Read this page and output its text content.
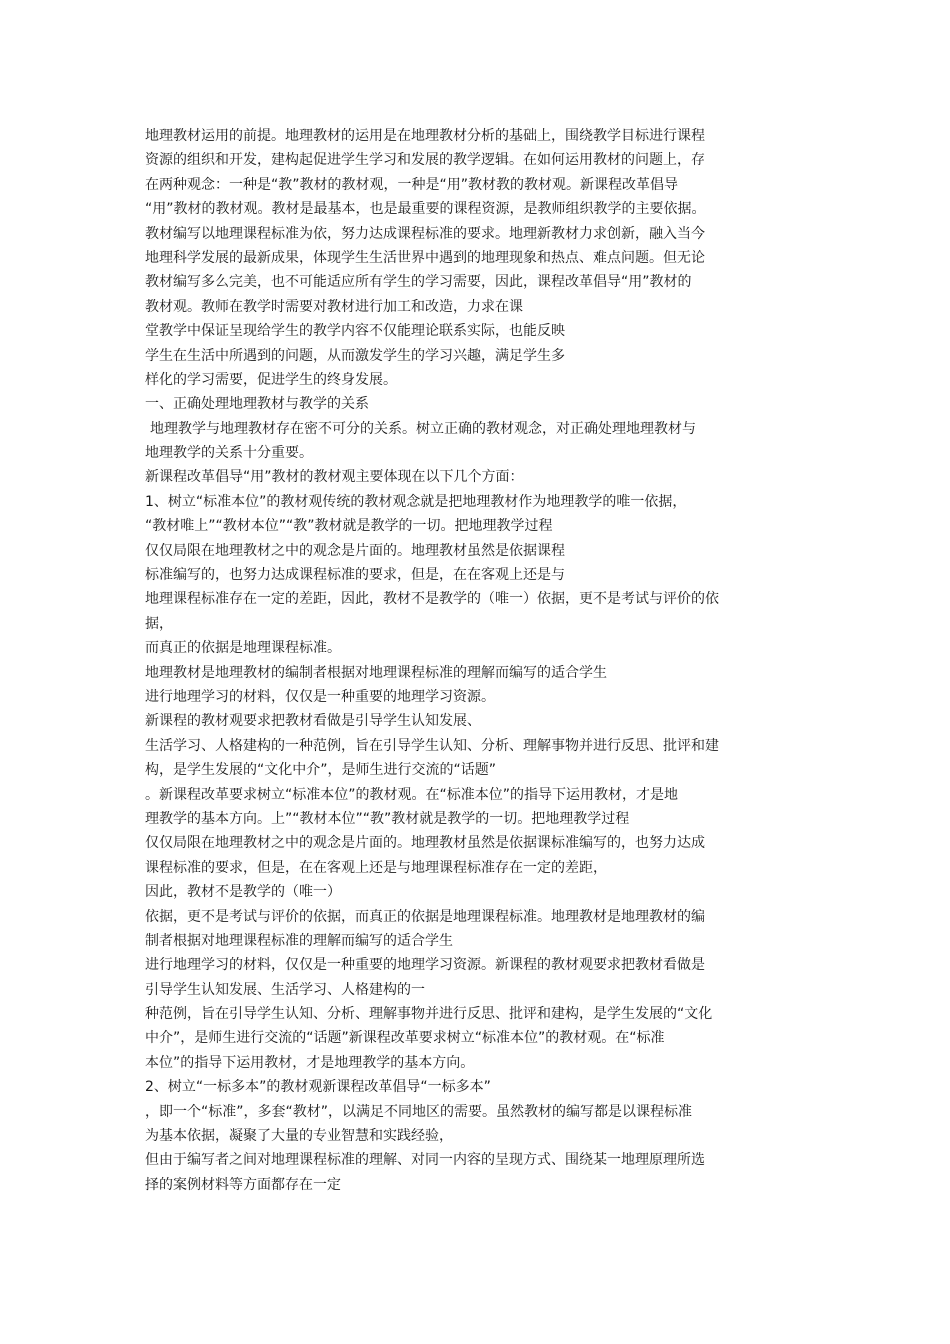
地理教材运用的前提。地理教材的运用是在地理教材分析的基础上，围绕教学目标进行课程
资源的组织和开发，建构起促进学生学习和发展的教学逻辑。在如何运用教材的问题上，存
在两种观念：一种是“教”教材的教材观，一种是“用”教材教的教材观。新课程改革倡导
“用”教材的教材观。教材是最基本，也是最重要的课程资源，是教师组织教学的主要依据。
教材编写以地理课程标准为依，努力达成课程标准的要求。地理新教材力求创新，融入当今
地理科学发展的最新成果，体现学生生活世界中遇到的地理现象和热点、难点问题。但无论
教材编写多么完美，也不可能适应所有学生的学习需要，因此，课程改革倡导“用”教材的
教材观。教师在教学时需要对教材进行加工和改造，力求在课
堂教学中保证呈现给学生的教学内容不仅能理论联系实际，也能反映
学生在生活中所遇到的问题，从而激发学生的学习兴趣，满足学生多
样化的学习需要，促进学生的终身发展。
一、正确处理地理教材与教学的关系
地理教学与地理教材存在密不可分的关系。树立正确的教材观念，对正确处理地理教材与
地理教学的关系十分重要。
新课程改革倡导“用”教材的教材观主要体现在以下几个方面：
1、树立“标准本位”的教材观传统的教材观念就是把地理教材作为地理教学的唯一依据，
“教材唯上”“教材本位”“教”教材就是教学的一切。把地理教学过程
仅仅局限在地理教材之中的观念是片面的。地理教材虽然是依据课程
标准编写的，也努力达成课程标准的要求，但是，在在客观上还是与
地理课程标准存在一定的差距，因此，教材不是教学的（唯一）依据，更不是考试与评价的依
据，
而真正的依据是地理课程标准。
地理教材是地理教材的编制者根据对地理课程标准的理解而编写的适合学生
进行地理学习的材料，仅仅是一种重要的地理学习资源。
新课程的教材观要求把教材看做是引导学生认知发展、
生活学习、人格建构的一种范例，旨在引导学生认知、分析、理解事物并进行反思、批评和建
构，是学生发展的“文化中介”，是师生进行交流的“话题”
。新课程改革要求树立“标准本位”的教材观。在“标准本位”的指导下运用教材，才是地
理教学的基本方向。上”“教材本位”“教”教材就是教学的一切。把地理教学过程
仅仅局限在地理教材之中的观念是片面的。地理教材虽然是依据课标准编写的，也努力达成
课程标准的要求，但是，在在客观上还是与地理课程标准存在一定的差距，
因此，教材不是教学的（唯一）
依据，更不是考试与评价的依据，而真正的依据是地理课程标准。地理教材是地理教材的编
制者根据对地理课程标准的理解而编写的适合学生
进行地理学习的材料，仅仅是一种重要的地理学习资源。新课程的教材观要求把教材看做是
引导学生认知发展、生活学习、人格建构的一
种范例，旨在引导学生认知、分析、理解事物并进行反思、批评和建构，是学生发展的“文化
中介”，是师生进行交流的“话题”新课程改革要求树立“标准本位”的教材观。在“标准
本位”的指导下运用教材，才是地理教学的基本方向。
2、树立“一标多本”的教材观新课程改革倡导“一标多本”
，即一个“标准”，多套“教材”，以满足不同地区的需要。虽然教材的编写都是以课程标准
为基本依据，凝聚了大量的专业智慧和实践经验，
但由于编写者之间对地理课程标准的理解、对同一内容的呈现方式、围绕某一地理原理所选
择的案例材料等方面都存在一定
